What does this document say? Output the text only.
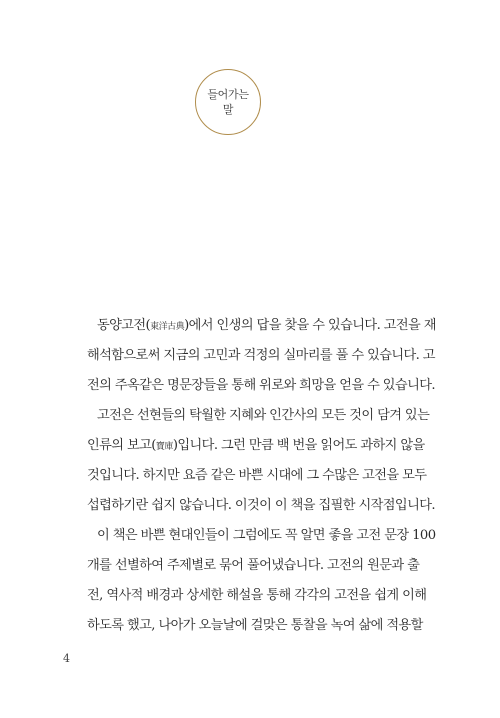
들어가는
말
동양고전(東洋古典)에서 인생의 답을 찾을 수 있습니다. 고전을 재
해석함으로써 지금의 고민과 걱정의 실마리를 풀 수 있습니다. 고
전의 주옥같은 명문장들을 통해 위로와 희망을 얻을 수 있습니다.
고전은 선현들의 탁월한 지혜와 인간사의 모든 것이 담겨 있는
인류의 보고(寶庫)입니다. 그런 만큼 백 번을 읽어도 과하지 않을
것입니다. 하지만 요즘 같은 바쁜 시대에 그 수많은 고전을 모두
섭렵하기란 쉽지 않습니다. 이것이 이 책을 집필한 시작점입니다.
이 책은 바쁜 현대인들이 그럼에도 꼭 알면 좋을 고전 문장 100
개를 선별하여 주제별로 묶어 풀어냈습니다. 고전의 원문과 출
전, 역사적 배경과 상세한 해설을 통해 각각의 고전을 쉽게 이해
하도록 했고, 나아가 오늘날에 걸맞은 통찰을 녹여 삶에 적용할
4
